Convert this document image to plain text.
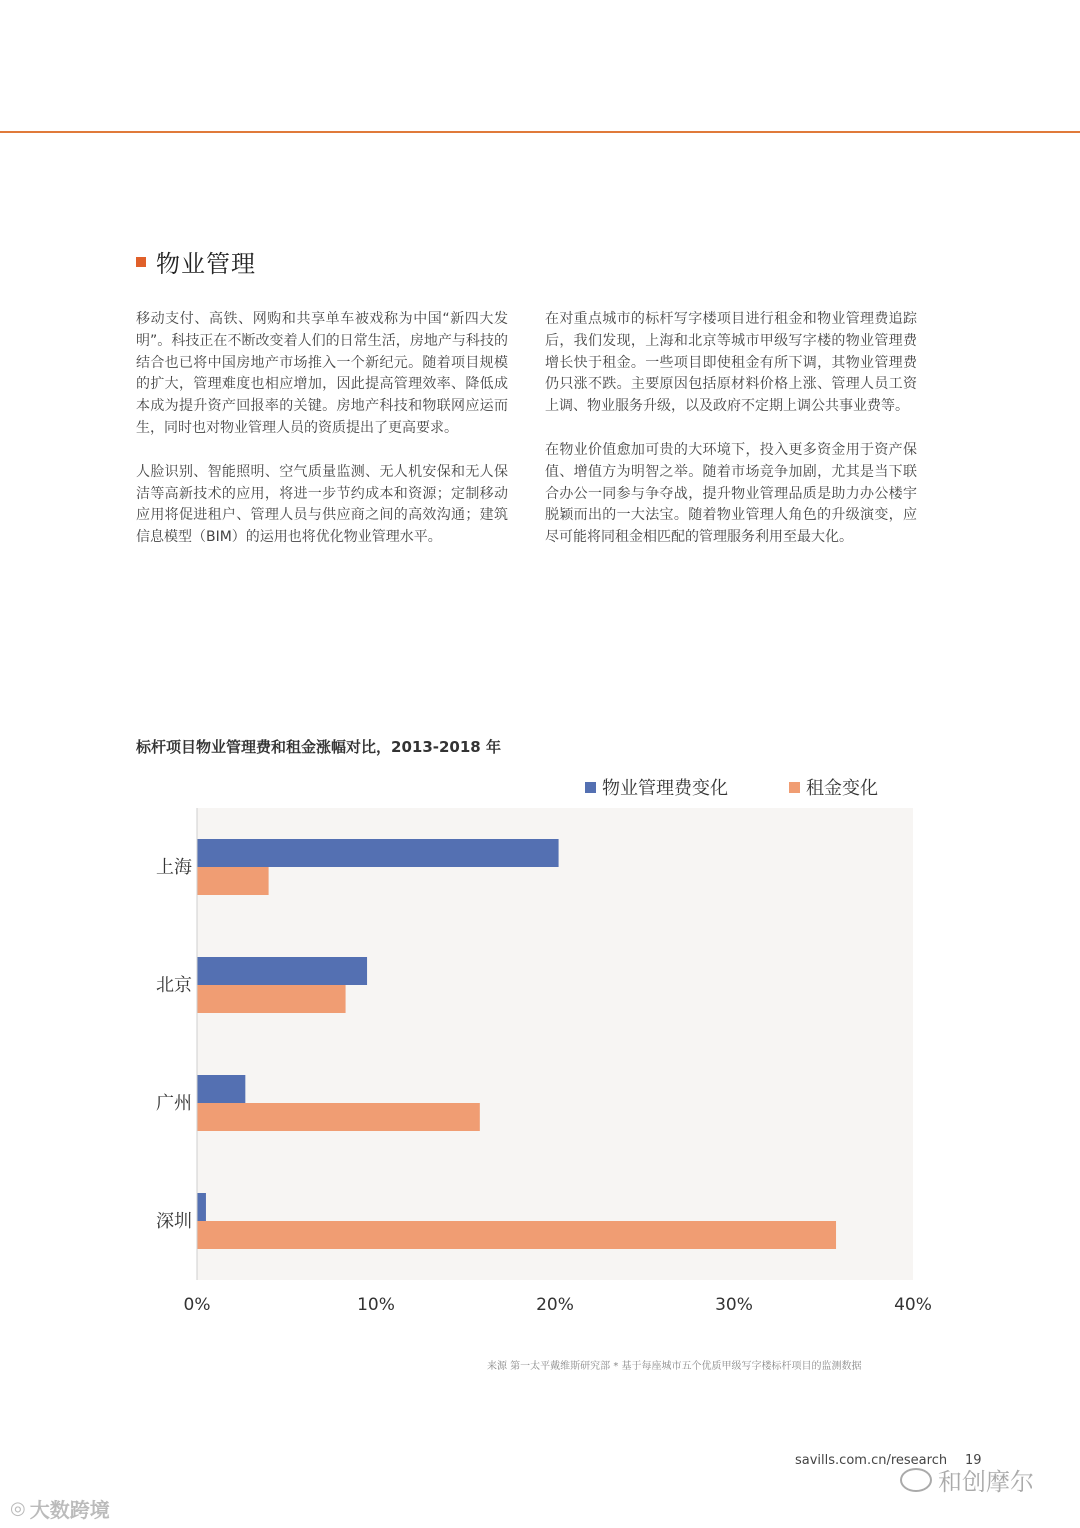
物业管理

移动支付、高铁、网购和共享单车被戏称为中国“新四大发明”。科技正在不断改变着人们的日常生活，房地产与科技的结合也已将中国房地产市场推入一个新纪元。随着项目规模的扩大，管理难度也相应增加，因此提高管理效率、降低成本成为提升资产回报率的关键。房地产科技和物联网应运而生，同时也对物业管理人员的资质提出了更高要求。

人脸识别、智能照明、空气质量监测、无人机安保和无人保洁等高新技术的应用，将进一步节约成本和资源；定制移动应用将促进租户、管理人员与供应商之间的高效沟通；建筑信息模型（BIM）的运用也将优化物业管理水平。

在对重点城市的标杆写字楼项目进行租金和物业管理费追踪后，我们发现，上海和北京等城市甲级写字楼的物业管理费增长快于租金。一些项目即使租金有所下调，其物业管理费仍只涨不跌。主要原因包括原材料价格上涨、管理人员工资上调、物业服务升级，以及政府不定期上调公共事业费等。

在物业价值愈加可贵的大环境下，投入更多资金用于资产保值、增值方为明智之举。随着市场竞争加剧，尤其是当下联合办公一同参与争夺战，提升物业管理品质是助力办公楼宇脱颖而出的一大法宝。随着物业管理人角色的升级演变，应尽可能将同租金相匹配的管理服务利用至最大化。

标杆项目物业管理费和租金涨幅对比，2013-2018 年
物业管理费变化	租金变化
上海
北京
广州
深圳
0%	10%	20%	30%	40%
来源 第一太平戴维斯研究部 * 基于每座城市五个优质甲级写字楼标杆项目的监测数据
savills.com.cn/research 19
和创摩尔
◎ 大数跨境
